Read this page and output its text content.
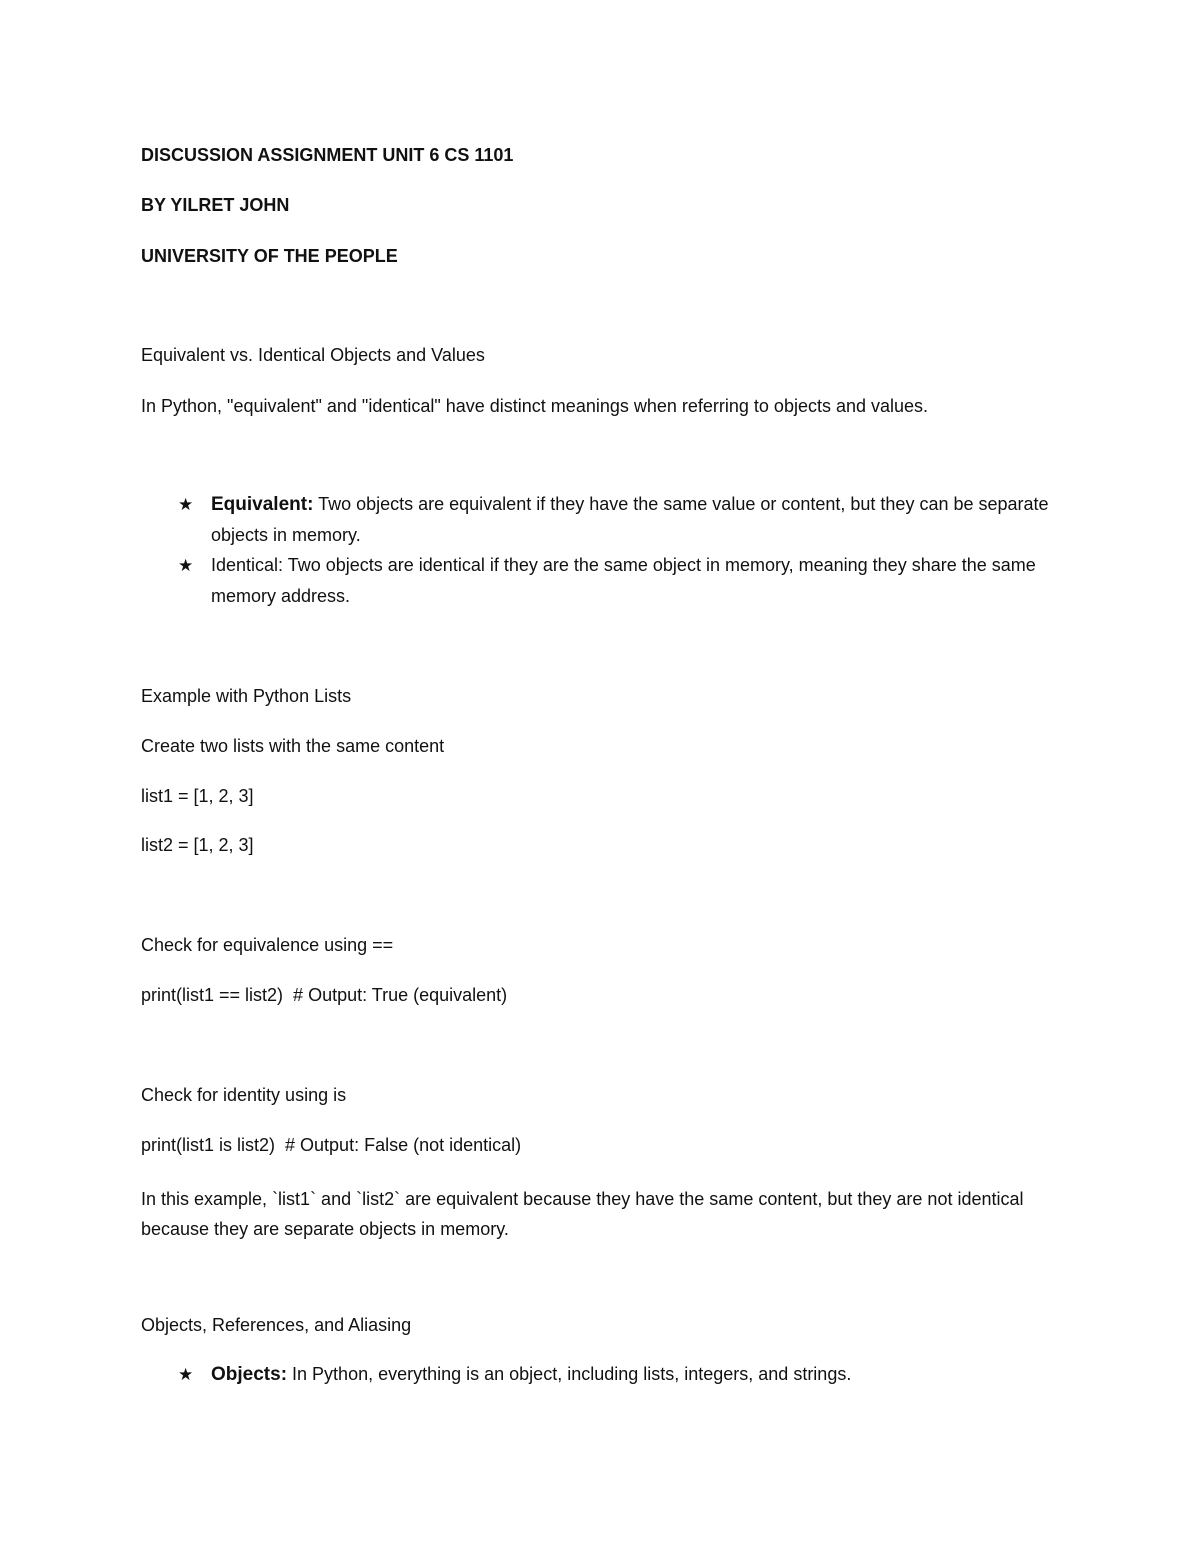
DISCUSSION ASSIGNMENT UNIT 6 CS 1101
BY YILRET JOHN
UNIVERSITY OF THE PEOPLE
Equivalent vs. Identical Objects and Values
In Python, "equivalent" and "identical" have distinct meanings when referring to objects and values.
★ Equivalent: Two objects are equivalent if they have the same value or content, but they can be separate objects in memory.
★ Identical: Two objects are identical if they are the same object in memory, meaning they share the same memory address.
Example with Python Lists
Create two lists with the same content
list1 = [1, 2, 3]
list2 = [1, 2, 3]
Check for equivalence using ==
print(list1 == list2)  # Output: True (equivalent)
Check for identity using is
print(list1 is list2)  # Output: False (not identical)
In this example, `list1` and `list2` are equivalent because they have the same content, but they are not identical because they are separate objects in memory.
Objects, References, and Aliasing
★ Objects: In Python, everything is an object, including lists, integers, and strings.
